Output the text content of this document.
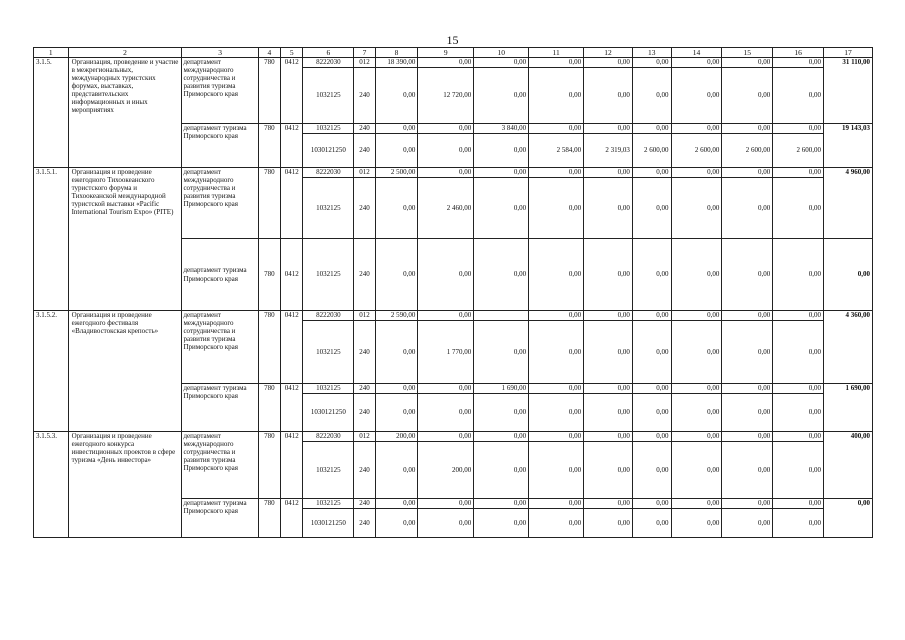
15
1	2	3	4	5	6	7	8	9	10	11	12	13	14	15	16	17
3.1.5.	Организация, проведение и участие в межрегиональных, международных туристских форумах, выставках, представительских информационных и иных мероприятиях	департамент международного сотрудничества и развития туризма Приморского края	780	0412	8222030	012	18 390,00	0,00	0,00	0,00	0,00	0,00	0,00	0,00	0,00	31 110,00
					1032125	240	0,00	12 720,00	0,00	0,00	0,00	0,00	0,00	0,00	0,00	
		департамент туризма Приморского края	780	0412	1032125	240	0,00	0,00	3 840,00	0,00	0,00	0,00	0,00	0,00	0,00	19 143,03
					1030121250	240	0,00	0,00	0,00	2 584,00	2 319,03	2 600,00	2 600,00	2 600,00	2 600,00	
3.1.5.1.	Организация и проведение ежегодного Тихоокеанского туристского форума и Тихоокеанской международной туристской выставки «Pacific International Tourism Expo» (PITE)	департамент международного сотрудничества и развития туризма Приморского края	780	0412	8222030	012	2 500,00	0,00	0,00	0,00	0,00	0,00	0,00	0,00	0,00	4 960,00
					1032125	240	0,00	2 460,00	0,00	0,00	0,00	0,00	0,00	0,00	0,00	
		департамент туризма Приморского края	780	0412	1032125	240	0,00	0,00	0,00	0,00	0,00	0,00	0,00	0,00	0,00	0,00
3.1.5.2.	Организация и проведение ежегодного фестиваля «Владивостокская крепость»	департамент международного сотрудничества и развития туризма Приморского края	780	0412	8222030	012	2 590,00	0,00		0,00	0,00	0,00	0,00	0,00	0,00	4 360,00
					1032125	240	0,00	1 770,00	0,00	0,00	0,00	0,00	0,00	0,00	0,00	
		департамент туризма Приморского края	780	0412	1032125	240	0,00	0,00	1 690,00	0,00	0,00	0,00	0,00	0,00	0,00	1 690,00
					1030121250	240	0,00	0,00	0,00	0,00	0,00	0,00	0,00	0,00	0,00	
3.1.5.3.	Организация и проведение ежегодного конкурса инвестиционных проектов в сфере туризма «День инвестора»	департамент международного сотрудничества и развития туризма Приморского края	780	0412	8222030	012	200,00	0,00	0,00	0,00	0,00	0,00	0,00	0,00	0,00	400,00
					1032125	240	0,00	200,00	0,00	0,00	0,00	0,00	0,00	0,00	0,00	
		департамент туризма Приморского края	780	0412	1032125	240	0,00	0,00	0,00	0,00	0,00	0,00	0,00	0,00	0,00	0,00
					1030121250	240	0,00	0,00	0,00	0,00	0,00	0,00	0,00	0,00	0,00	
